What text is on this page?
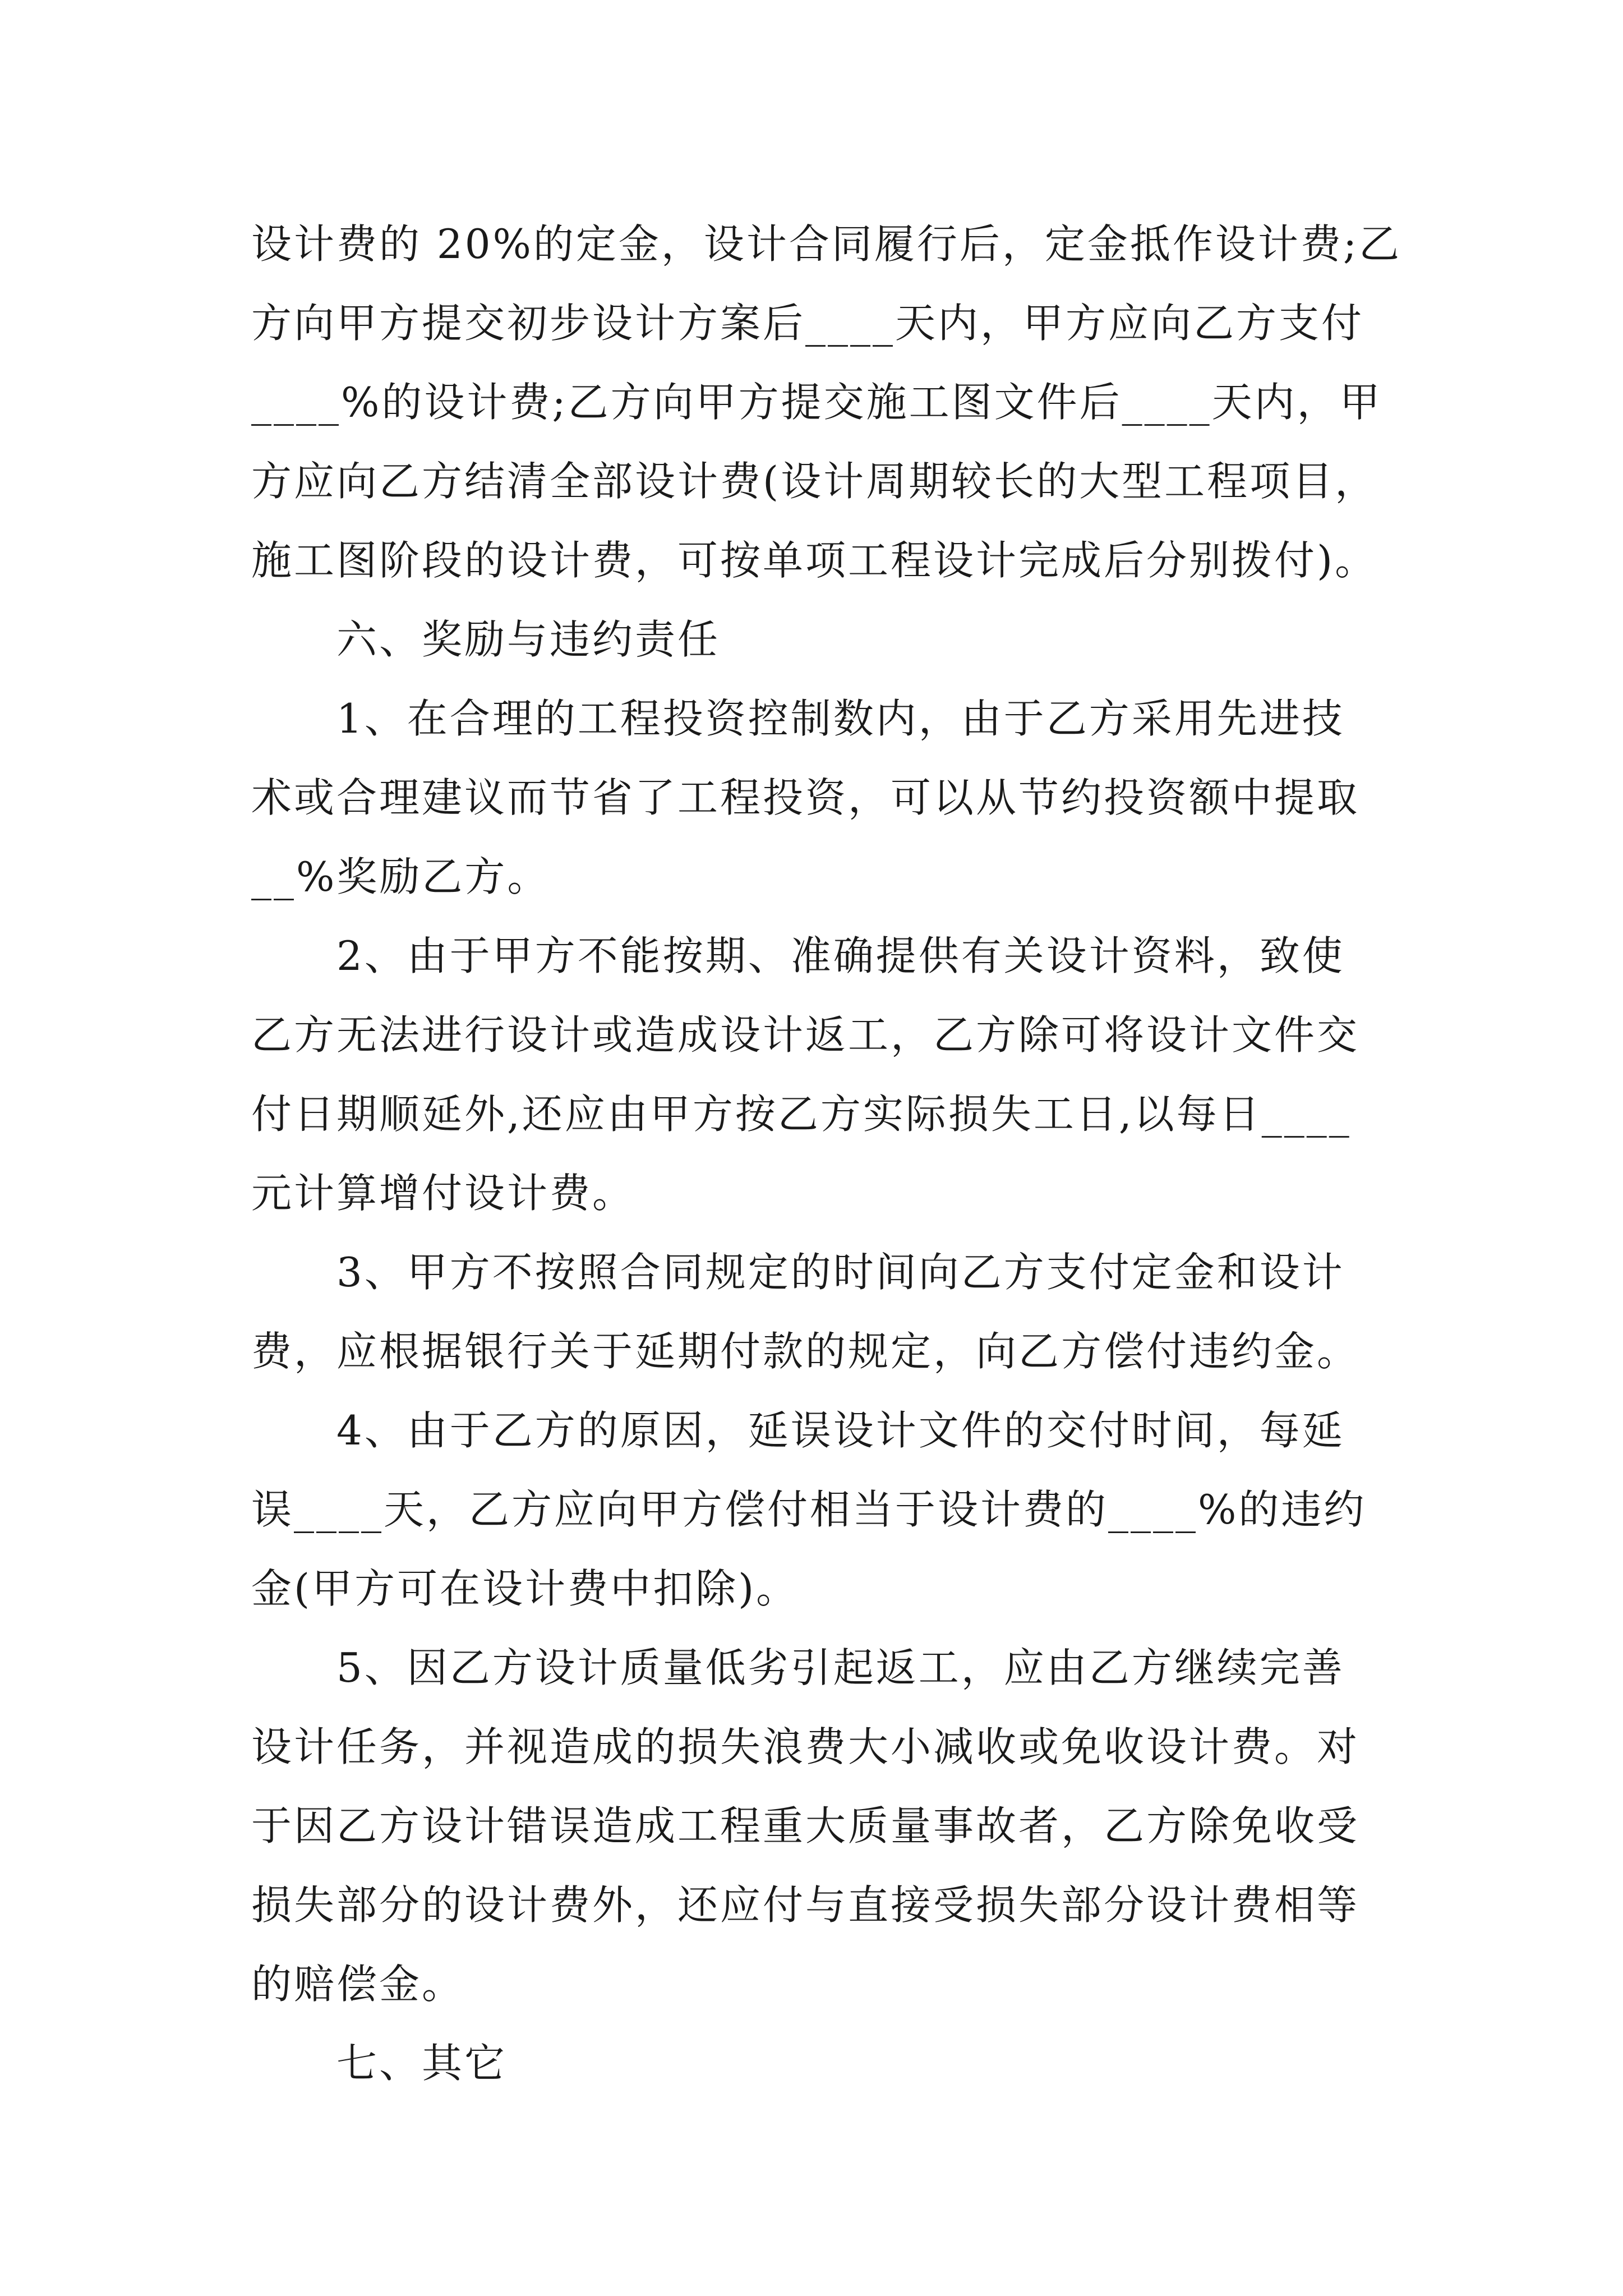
设计费的 20%的定金，设计合同履行后，定金抵作设计费;乙
方向甲方提交初步设计方案后____天内，甲方应向乙方支付
____%的设计费;乙方向甲方提交施工图文件后____天内，甲
方应向乙方结清全部设计费(设计周期较长的大型工程项目，
施工图阶段的设计费，可按单项工程设计完成后分别拨付)。
六、奖励与违约责任
1、在合理的工程投资控制数内，由于乙方采用先进技
术或合理建议而节省了工程投资，可以从节约投资额中提取
__%奖励乙方。
2、由于甲方不能按期、准确提供有关设计资料，致使
乙方无法进行设计或造成设计返工，乙方除可将设计文件交
付日期顺延外,还应由甲方按乙方实际损失工日,以每日____
元计算增付设计费。
3、甲方不按照合同规定的时间向乙方支付定金和设计
费，应根据银行关于延期付款的规定，向乙方偿付违约金。
4、由于乙方的原因，延误设计文件的交付时间，每延
误____天，乙方应向甲方偿付相当于设计费的____%的违约
金(甲方可在设计费中扣除)。
5、因乙方设计质量低劣引起返工，应由乙方继续完善
设计任务，并视造成的损失浪费大小减收或免收设计费。对
于因乙方设计错误造成工程重大质量事故者，乙方除免收受
损失部分的设计费外，还应付与直接受损失部分设计费相等
的赔偿金。
七、其它
